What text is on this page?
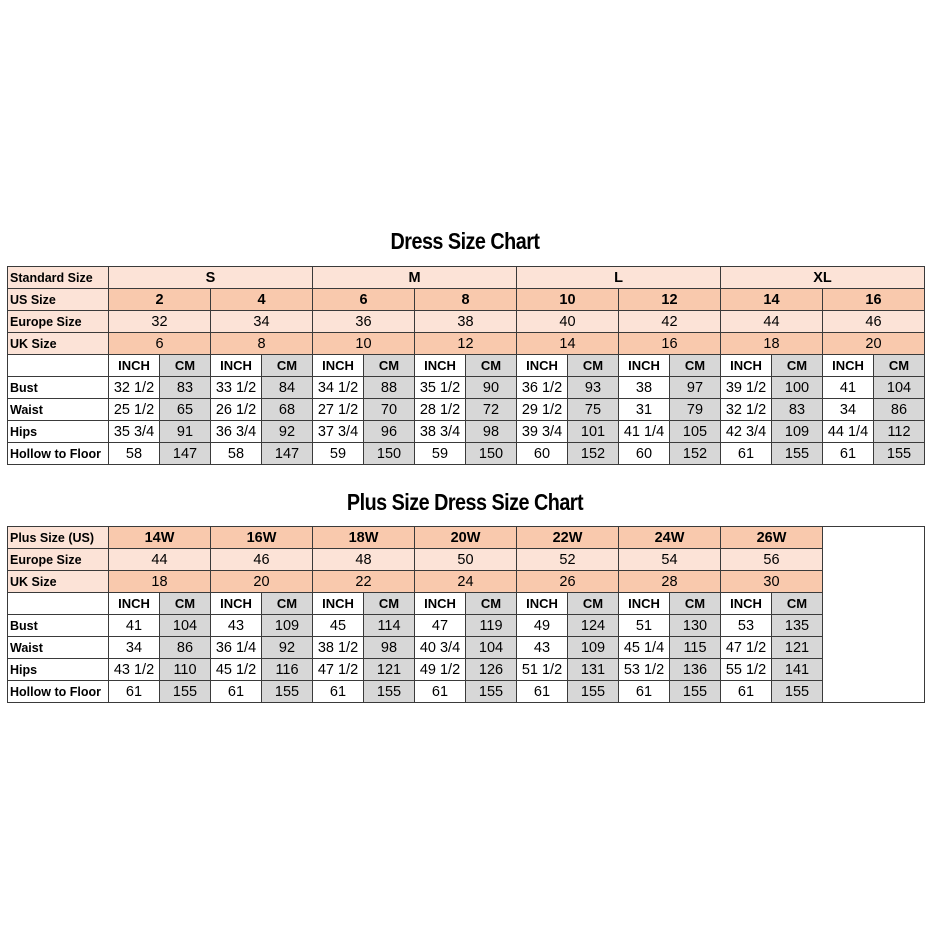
Dress Size Chart
Standard Size	S				M				L				XL			
US Size	2		4		6		8		10		12		14		16	
Europe Size	32		34		36		38		40		42		44		46	
UK Size	6		8		10		12		14		16		18		20	
	INCH	CM	INCH	CM	INCH	CM	INCH	CM	INCH	CM	INCH	CM	INCH	CM	INCH	CM
Bust	32 1/2	83	33 1/2	84	34 1/2	88	35 1/2	90	36 1/2	93	38	97	39 1/2	100	41	104
Waist	25 1/2	65	26 1/2	68	27 1/2	70	28 1/2	72	29 1/2	75	31	79	32 1/2	83	34	86
Hips	35 3/4	91	36 3/4	92	37 3/4	96	38 3/4	98	39 3/4	101	41 1/4	105	42 3/4	109	44 1/4	112
Hollow to Floor	58	147	58	147	59	150	59	150	60	152	60	152	61	155	61	155
Plus Size Dress Size Chart
Plus Size (US)	14W		16W		18W		20W		22W		24W		26W		
Europe Size	44		46		48		50		52		54		56		
UK Size	18		20		22		24		26		28		30		
	INCH	CM	INCH	CM	INCH	CM	INCH	CM	INCH	CM	INCH	CM	INCH	CM	
Bust	41	104	43	109	45	114	47	119	49	124	51	130	53	135	
Waist	34	86	36 1/4	92	38 1/2	98	40 3/4	104	43	109	45 1/4	115	47 1/2	121	
Hips	43 1/2	110	45 1/2	116	47 1/2	121	49 1/2	126	51 1/2	131	53 1/2	136	55 1/2	141	
Hollow to Floor	61	155	61	155	61	155	61	155	61	155	61	155	61	155	
